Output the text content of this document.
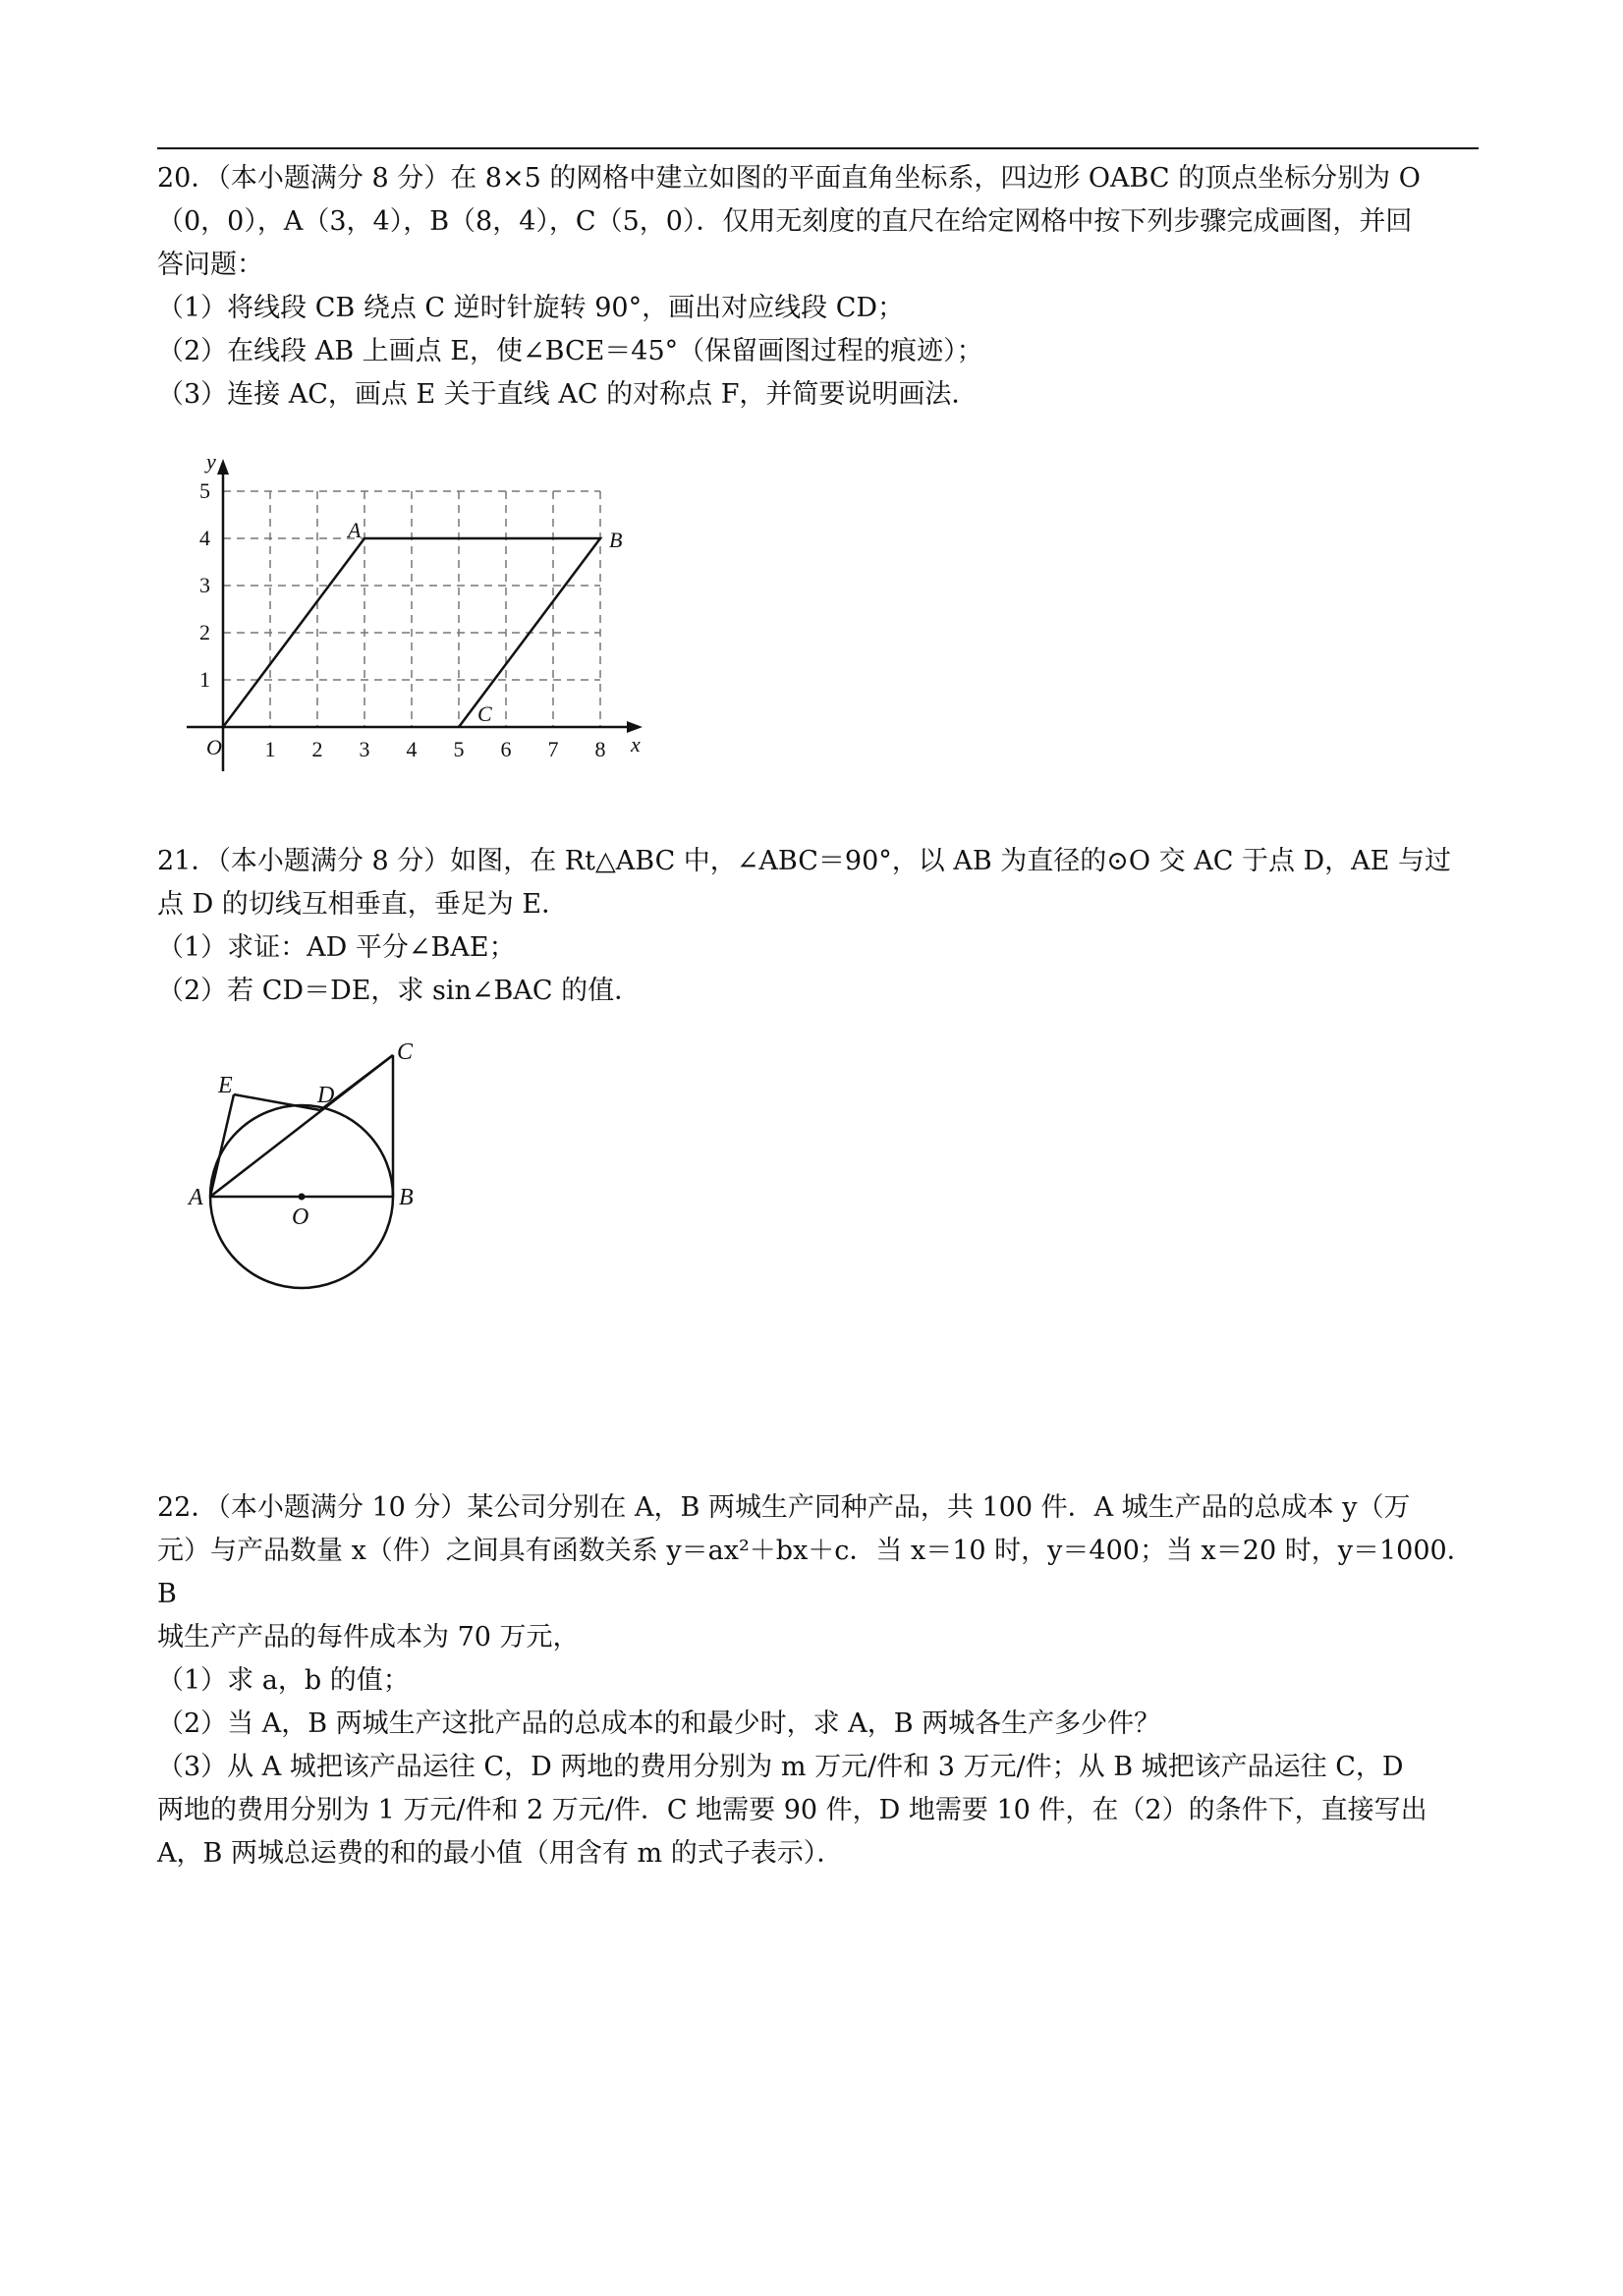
20．（本小题满分 8 分）在 8×5 的网格中建立如图的平面直角坐标系，四边形 OABC 的顶点坐标分别为 O

（0，0），A（3，4），B（8，4），C（5，0）．仅用无刻度的直尺在给定网格中按下列步骤完成画图，并回

答问题：

（1）将线段 CB 绕点 C 逆时针旋转 90°，画出对应线段 CD；

（2）在线段 AB 上画点 E，使∠BCE＝45°（保留画图过程的痕迹）；

（3）连接 AC，画点 E 关于直线 AC 的对称点 F，并简要说明画法．

1 2 3 4 5 6 7 8
1
2
3
4
5
O	x
y
A	B
C

21．（本小题满分 8 分）如图，在 Rt△ABC 中，∠ABC＝90°，以 AB 为直径的⊙O 交 AC 于点 D，AE 与过

点 D 的切线互相垂直，垂足为 E．

（1）求证：AD 平分∠BAE；

（2）若 CD＝DE，求 sin∠BAC 的值．

A	B
C
D
E
O

22．（本小题满分 10 分）某公司分别在 A，B 两城生产同种产品，共 100 件．A 城生产品的总成本 y（万

元）与产品数量 x（件）之间具有函数关系 y＝ax²＋bx＋c．当 x＝10 时，y＝400；当 x＝20 时，y＝1000．B

城生产产品的每件成本为 70 万元，

（1）求 a，b 的值；

（2）当 A，B 两城生产这批产品的总成本的和最少时，求 A，B 两城各生产多少件？

（3）从 A 城把该产品运往 C，D 两地的费用分别为 m 万元/件和 3 万元/件；从 B 城把该产品运往 C，D

两地的费用分别为 1 万元/件和 2 万元/件．C 地需要 90 件，D 地需要 10 件，在（2）的条件下，直接写出

A，B 两城总运费的和的最小值（用含有 m 的式子表示）．
